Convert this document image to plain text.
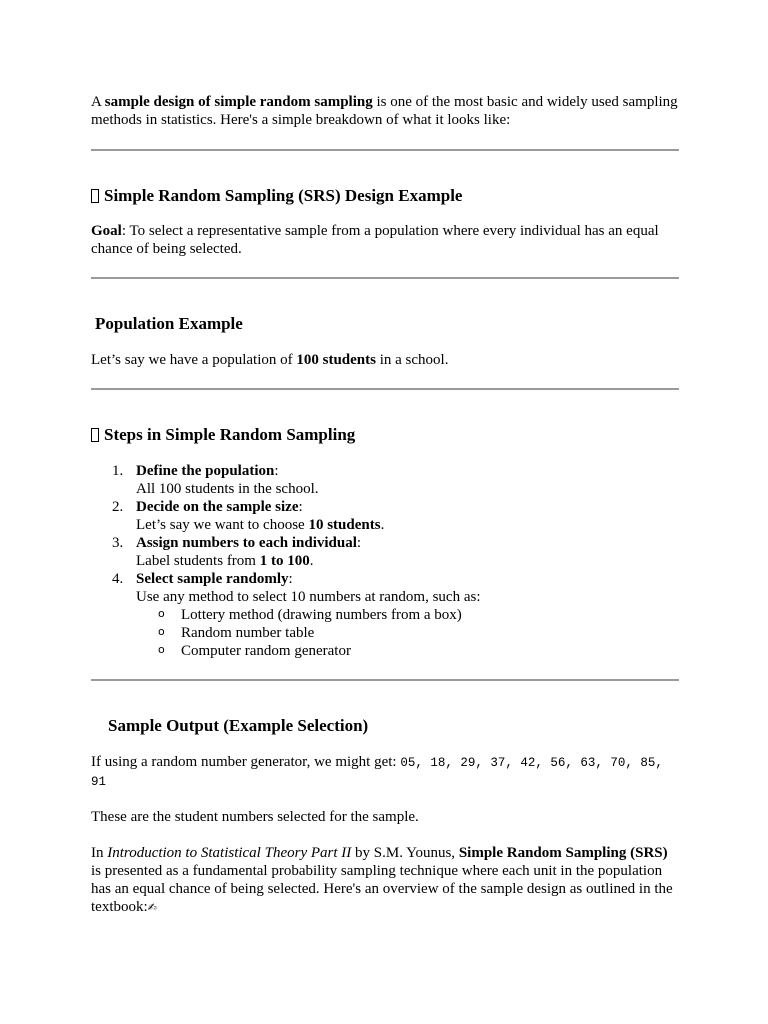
A sample design of simple random sampling is one of the most basic and widely used sampling methods in statistics. Here's a simple breakdown of what it looks like:

Simple Random Sampling (SRS) Design Example

Goal: To select a representative sample from a population where every individual has an equal chance of being selected.

Population Example

Let’s say we have a population of 100 students in a school.

Steps in Simple Random Sampling
1. Define the population:
All 100 students in the school.
2. Decide on the sample size:
Let’s say we want to choose 10 students.
3. Assign numbers to each individual:
Label students from 1 to 100.
4. Select sample randomly:
Use any method to select 10 numbers at random, such as:
o Lottery method (drawing numbers from a box)
o Random number table
o Computer random generator
Sample Output (Example Selection)

If using a random number generator, we might get: 05, 18, 29, 37, 42, 56, 63, 70, 85, 91

These are the student numbers selected for the sample.

In Introduction to Statistical Theory Part II by S.M. Younus, Simple Random Sampling (SRS) is presented as a fundamental probability sampling technique where each unit in the population has an equal chance of being selected. Here's an overview of the sample design as outlined in the textbook:✍
